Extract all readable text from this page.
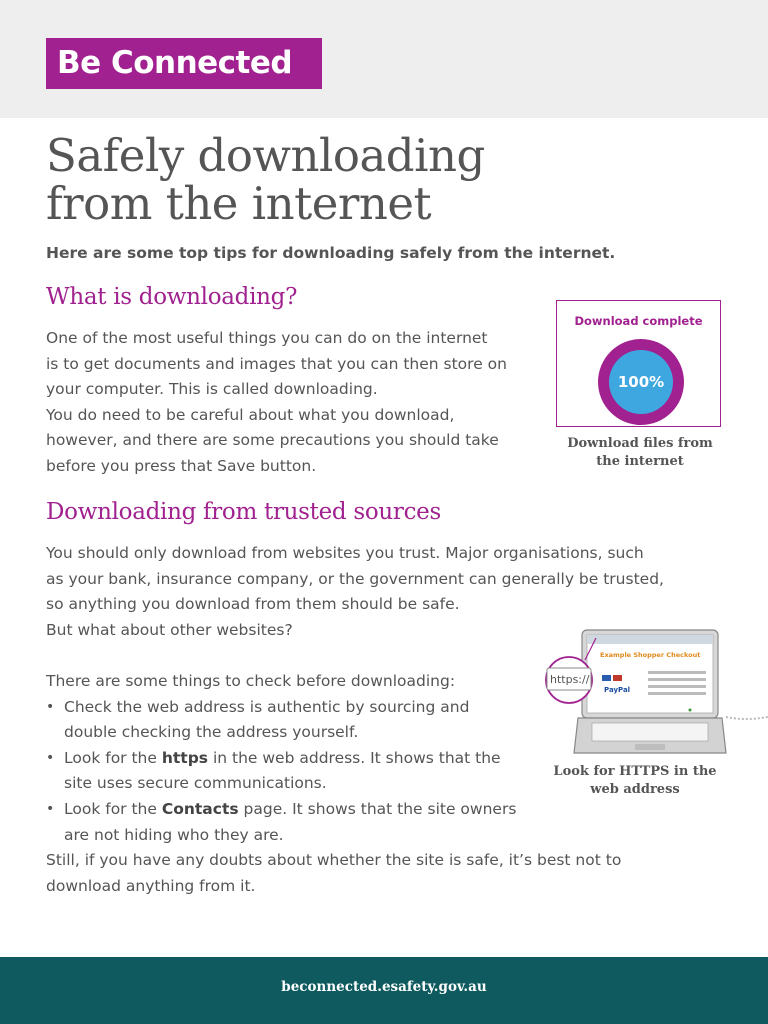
Be Connected
Safely downloading
from the internet
Here are some top tips for downloading safely from the internet.
What is downloading?

One of the most useful things you can do on the internet

is to get documents and images that you can then store on

your computer. This is called downloading.

You do need to be careful about what you download,

however, and there are some precautions you should take

before you press that Save button.

Download complete
100%
Download files from
the internet
Downloading from trusted sources

You should only download from websites you trust. Major organisations, such

as your bank, insurance company, or the government can generally be trusted,

so anything you download from them should be safe.

But what about other websites?

There are some things to check before downloading:

• Check the web address is authentic by sourcing and
double checking the address yourself.
• Look for the https in the web address. It shows that the
site uses secure communications.
• Look for the Contacts page. It shows that the site owners
are not hiding who they are.

Still, if you have any doubts about whether the site is safe, it’s best not to

download anything from it.

Example Shopper Checkout
PayPal
https://
Look for HTTPS in the
web address
beconnected.esafety.gov.au
